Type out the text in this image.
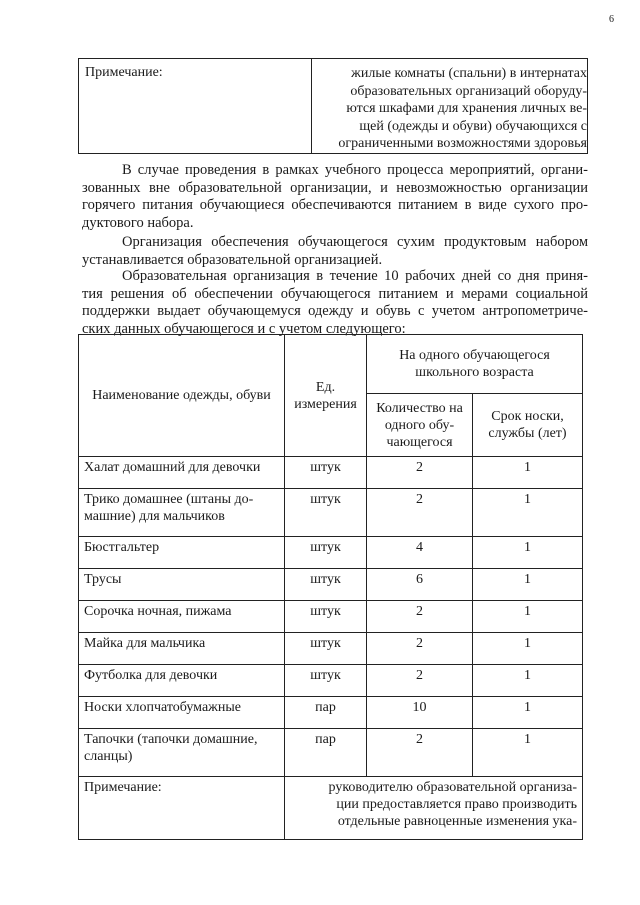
6
Примечание:	жилые комнаты (спальни) в интернатах
образовательных организаций оборуду-
ются шкафами для хранения личных ве-
щей (одежды и обуви) обучающихся с
ограниченными возможностями здоровья
В случае проведения в рамках учебного процесса мероприятий, органи-
зованных вне образовательной организации, и невозможностью организации
горячего питания обучающиеся обеспечиваются питанием в виде сухого про-
дуктового набора.
Организация обеспечения обучающегося сухим продуктовым набором
устанавливается образовательной организацией.
Образовательная организация в течение 10 рабочих дней со дня приня-
тия решения об обеспечении обучающегося питанием и мерами социальной
поддержки выдает обучающемуся одежду и обувь с учетом антропометриче-
ских данных обучающегося и с учетом следующего:
Наименование одежды, обуви	Ед. измерения	На одного обучающегося школьного возраста	
		Количество на одного обу- чающегося	Срок носки, службы (лет)
Халат домашний для девочки	штук	2	1
Трико домашнее (штаны до-машние) для мальчиков	штук	2	1
Бюстгальтер	штук	4	1
Трусы	штук	6	1
Сорочка ночная, пижама	штук	2	1
Майка для мальчика	штук	2	1
Футболка для девочки	штук	2	1
Носки хлопчатобумажные	пар	10	1
Тапочки (тапочки домашние, сланцы)	пар	2	1
Примечание:	руководителю образовательной организа-
ции предоставляется право производить
отдельные равноценные изменения ука-		
